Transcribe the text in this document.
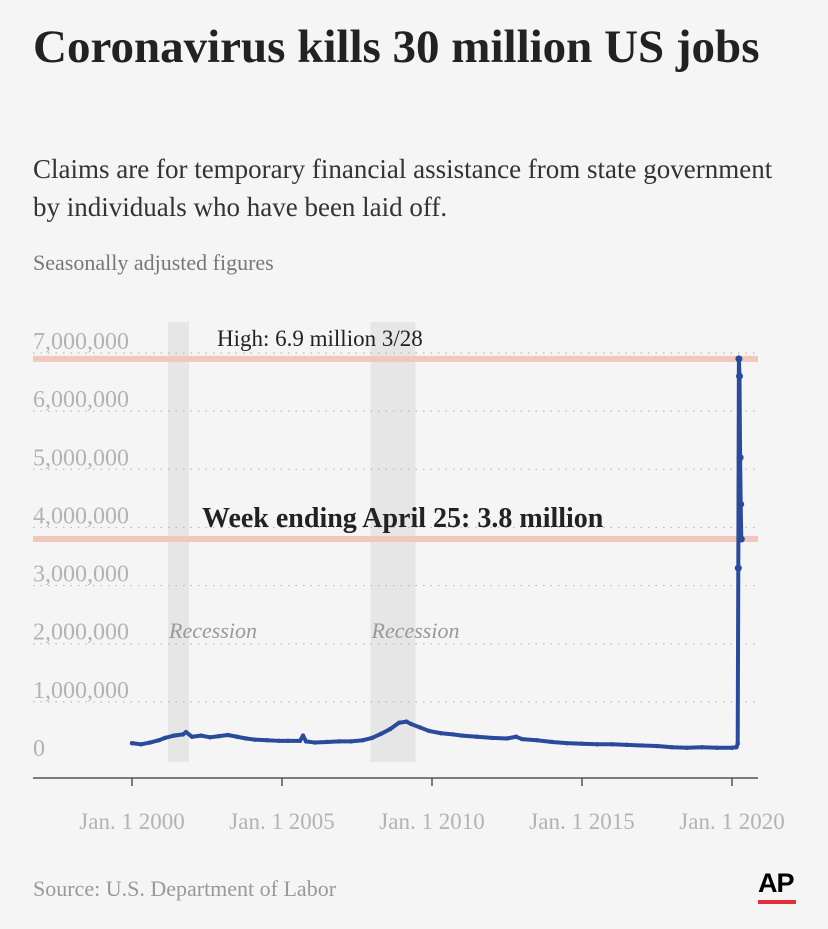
Coronavirus kills 30 million US jobs
Claims are for temporary financial assistance from state government by individuals who have been laid off.
Seasonally adjusted figures
Recession	Recession
High: 6.9 million 3/28
Week ending April 25: 3.8 million
0
1,000,000
2,000,000
3,000,000
4,000,000
5,000,000
6,000,000
7,000,000
Jan. 1 2000 Jan. 1 2005 Jan. 1 2010 Jan. 1 2015 Jan. 1 2020
Source: U.S. Department of Labor	AP
